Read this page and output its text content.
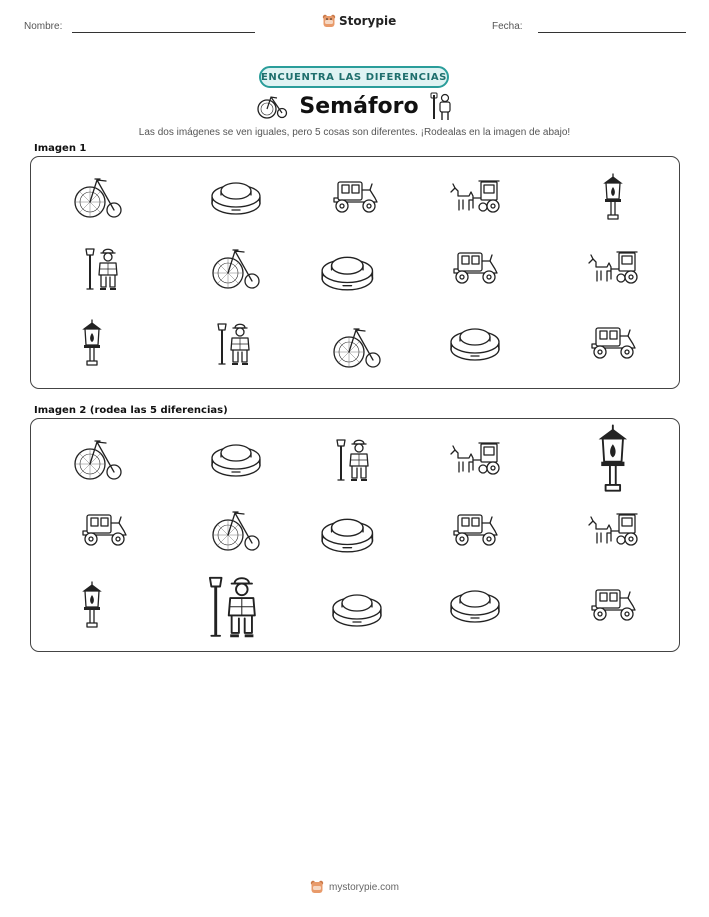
Nombre:	Storypie	Fecha:
ENCUENTRA LAS DIFERENCIAS
Semáforo
Las dos imágenes se ven iguales, pero 5 cosas son diferentes. ¡Rodealas en la imagen de abajo!
Imagen 1
Imagen 2 (rodea las 5 diferencias)
mystorypie.com
